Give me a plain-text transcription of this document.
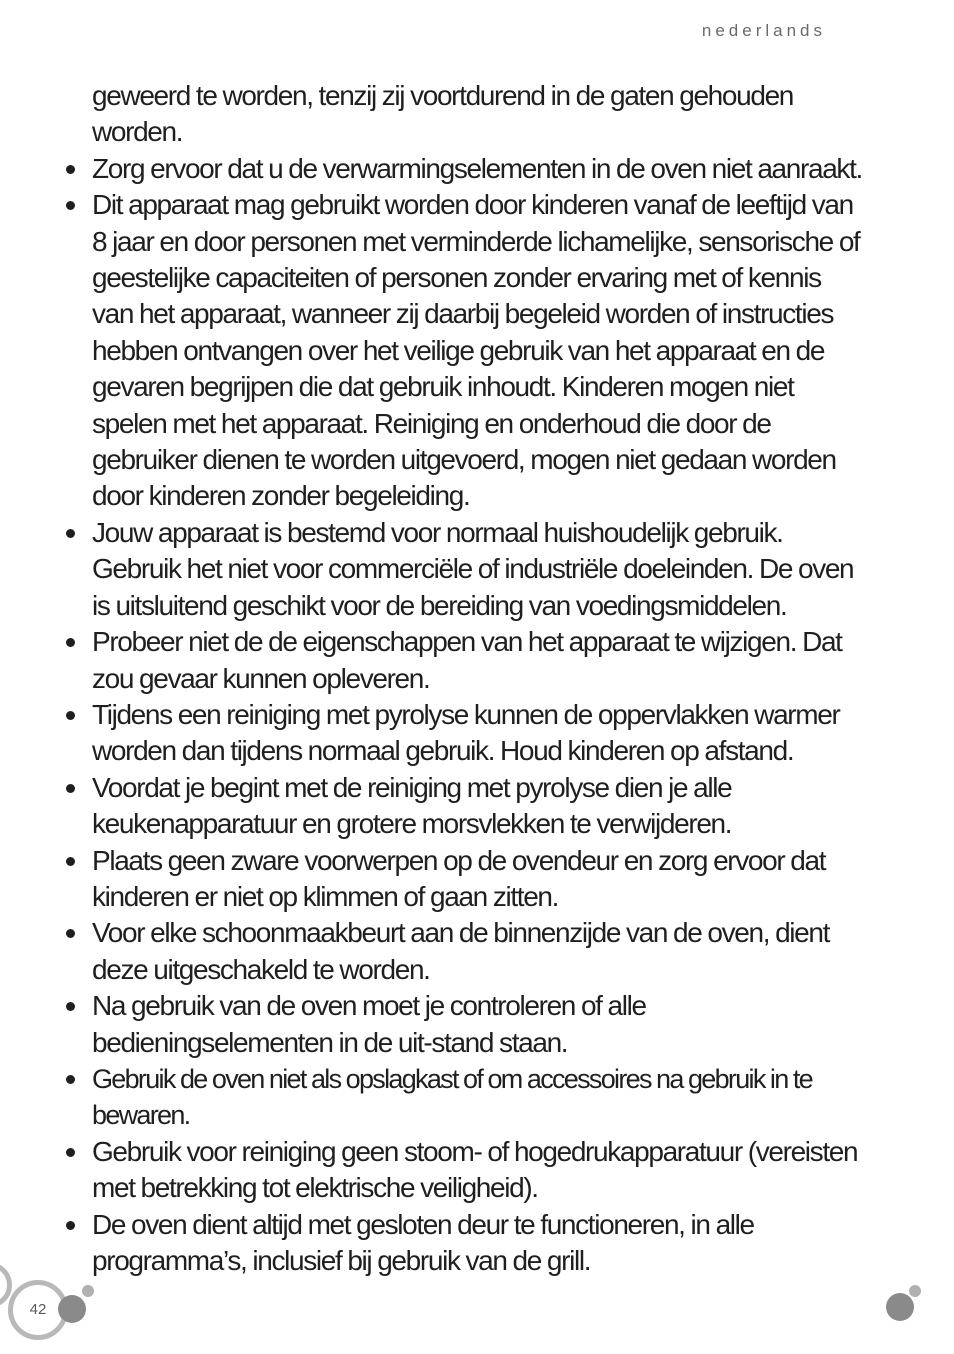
nederlands

geweerd te worden, tenzij zij voortdurend in de gaten gehouden worden.

Zorg ervoor dat u de verwarmingselementen in de oven niet aanraakt.
Dit apparaat mag gebruikt worden door kinderen vanaf de leeftijd van 8 jaar en door personen met verminderde lichamelijke, sensorische of geestelijke capaciteiten of personen zonder ervaring met of kennis van het apparaat, wanneer zij daarbij begeleid worden of instructies hebben ontvangen over het veilige gebruik van het apparaat en de gevaren begrijpen die dat gebruik inhoudt. Kinderen mogen niet spelen met het apparaat. Reiniging en onderhoud die door de gebruiker dienen te worden uitgevoerd, mogen niet gedaan worden door kinderen zonder begeleiding.
Jouw apparaat is bestemd voor normaal huishoudelijk gebruik. Gebruik het niet voor commerciële of industriële doeleinden. De oven is uitsluitend geschikt voor de bereiding van voedingsmiddelen.
Probeer niet de de eigenschappen van het apparaat te wijzigen. Dat zou gevaar kunnen opleveren.
Tijdens een reiniging met pyrolyse kunnen de oppervlakken warmer worden dan tijdens normaal gebruik. Houd kinderen op afstand.
Voordat je begint met de reiniging met pyrolyse dien je alle keukenapparatuur en grotere morsvlekken te verwijderen.
Plaats geen zware voorwerpen op de ovendeur en zorg ervoor dat kinderen er niet op klimmen of gaan zitten.
Voor elke schoonmaakbeurt aan de binnenzijde van de oven, dient deze uitgeschakeld te worden.
Na gebruik van de oven moet je controleren of alle bedieningselementen in de uit-stand staan.
Gebruik de oven niet als opslagkast of om accessoires na gebruik in te bewaren.
Gebruik voor reiniging geen stoom- of hogedrukapparatuur (vereisten met betrekking tot elektrische veiligheid).
De oven dient altijd met gesloten deur te functioneren, in alle programma’s, inclusief bij gebruik van de grill.
42
